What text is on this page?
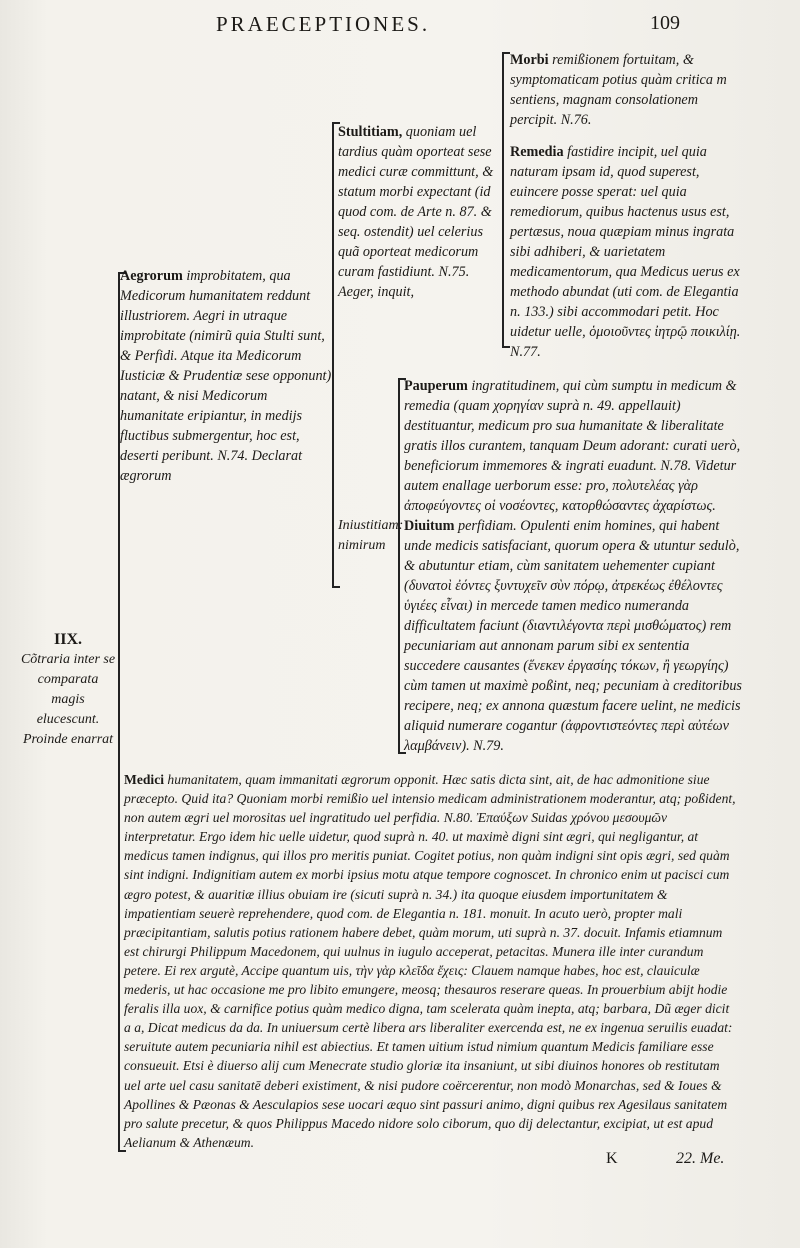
PRAECEPTIONES.	109
IIX.
Cõtraria inter se comparata magis elucescunt. Proinde enarrat
Morbi remißionem fortuitam, & symptomaticam potius quàm critica m sentiens, magnam consolationem percipit. N.76.
Remedia fastidire incipit, uel quia naturam ipsam id, quod superest, euincere posse sperat: uel quia remediorum, quibus hactenus usus est, pertæsus, noua quæpiam minus ingrata sibi adhiberi, & uarietatem medicamentorum, qua Medicus uerus ex methodo abundat (uti com. de Elegantia n. 133.) sibi accommodari petit. Hoc uidetur uelle, ὁμοιοῦντες ἰητρῷ ποικιλίῃ. N.77.
Stultitiam, quoniam uel tardius quàm oporteat sese medici curæ committunt, & statum morbi expectant (id quod com. de Arte n. 87. & seq. ostendit) uel celerius quã oporteat medicorum curam fastidiunt. N.75. Aeger, inquit,
Aegrorum improbitatem, qua Medicorum humanitatem reddunt illustriorem. Aegri in utraque improbitate (nimirũ quia Stulti sunt, & Perfidi. Atque ita Medicorum Iusticiæ & Prudentiæ sese opponunt) natant, & nisi Medicorum humanitate eripiantur, in medijs fluctibus submergentur, hoc est, deserti peribunt. N.74. Declarat ægrorum
Pauperum ingratitudinem, qui cùm sumptu in medicum & remedia (quam χορηγίαν suprà n. 49. appellauit) destituantur, medicum pro sua humanitate & liberalitate gratis illos curantem, tanquam Deum adorant: curati uerò, beneficiorum immemores & ingrati euadunt. N.78. Videtur autem enallage uerborum esse: pro, πολυτελέας γὰρ ἀποφεύγοντες οἱ νοσέοντες, κατορθώσαντες ἀχαρίστως.
Iniustitiam: nimirum
Diuitum perfidiam. Opulenti enim homines, qui habent unde medicis satisfaciant, quorum opera & utuntur sedulò, & abutuntur etiam, cùm sanitatem uehementer cupiant (δυνατοὶ ἐόντες ξυντυχεῖν σὺν πόρῳ, ἀτρεκέως ἐθέλοντες ὑγιέες εἶναι) in mercede tamen medico numeranda difficultatem faciunt (διαντιλέγοντα περὶ μισθώματος) rem pecuniariam aut annonam parum sibi ex sententia succedere causantes (ἕνεκεν ἐργασίης τόκων, ἢ γεωργίης) cùm tamen ut maximè poßint, neq; pecuniam à creditoribus recipere, neq; ex annona quæstum facere uelint, ne medicis aliquid numerare cogantur (ἀφροντιστεόντες περὶ αὐτέων λαμβάνειν). N.79.
Medici humanitatem, quam immanitati ægrorum opponit. Hæc satis dicta sint, ait, de hac admonitione siue præcepto. Quid ita? Quoniam morbi remißio uel intensio medicam administrationem moderantur, atq; poßident, non autem ægri uel morositas uel ingratitudo uel perfidia. N.80. Ἐπαύξων Suidas χρόνου μεσουμῶν interpretatur. Ergo idem hic uelle uidetur, quod suprà n. 40. ut maximè digni sint ægri, qui negligantur, at medicus tamen indignus, qui illos pro meritis puniat. Cogitet potius, non quàm indigni sint opis ægri, sed quàm sint indigni. Indignitiam autem ex morbi ipsius motu atque tempore cognoscet. In chronico enim ut pacisci cum ægro potest, & auaritiæ illius obuiam ire (sicuti suprà n. 34.) ita quoque eiusdem importunitatem & impatientiam seuerè reprehendere, quod com. de Elegantia n. 181. monuit. In acuto uerò, propter mali præcipitantiam, salutis potius rationem habere debet, quàm morum, uti suprà n. 37. docuit. Infamis etiamnum est chirurgi Philippum Macedonem, qui uulnus in iugulo acceperat, petacitas. Munera ille inter curandum petere. Ei rex argutè, Accipe quantum uis, τὴν γὰρ κλεῖδα ἔχεις: Clauem namque habes, hoc est, clauiculæ mederis, ut hac occasione me pro libito emungere, meosq; thesauros reserare queas. In prouerbium abijt hodie feralis illa uox, & carnifice potius quàm medico digna, tam scelerata quàm inepta, atq; barbara, Dũ æger dicit a a, Dicat medicus da da. In uniuersum certè libera ars liberaliter exercenda est, ne ex ingenua seruilis euadat: seruitute autem pecuniaria nihil est abiectius. Et tamen uitium istud nimium quantum Medicis familiare esse consueuit. Etsi è diuerso alij cum Menecrate studio gloriæ ita insaniunt, ut sibi diuinos honores ob restitutam uel arte uel casu sanitatē deberi existiment, & nisi pudore coërcerentur, non modò Monarchas, sed & Ioues & Apollines & Pæonas & Aesculapios sese uocari æquo sint passuri animo, digni quibus rex Agesilaus sanitatem pro salute precetur, & quos Philippus Macedo nidore solo ciborum, quo dij delectantur, excipiat, ut est apud Aelianum & Athenæum.
K	22. Me.
